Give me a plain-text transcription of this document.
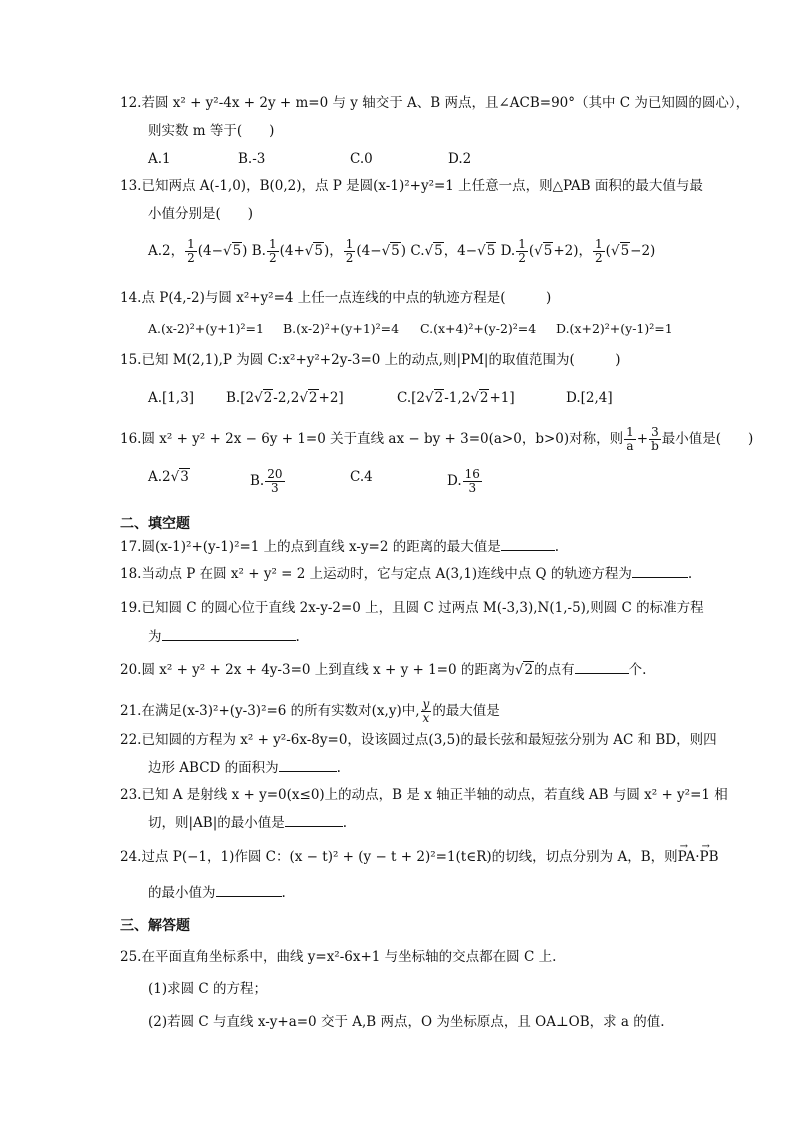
12.若圆 x² + y²-4x + 2y + m=0 与 y 轴交于 A、B 两点，且∠ACB=90°（其中 C 为已知圆的圆心），
则实数 m 等于(　　)
A.1	B.-3	C.0	D.2
13.已知两点 A(-1,0)，B(0,2)，点 P 是圆(x-1)²+y²=1 上任意一点，则△PAB 面积的最大值与最
小值分别是(　　)
A.2， $\frac{1}{2} (4-√5)$ B. $\frac{1}{2} (4+√5)$， $\frac{1}{2} (4-√5)$ C.√5，4−√5 D. $\frac{1}{2} (√5+2)$， $\frac{1}{2} (√5-2)$
14.点 P(4,-2)与圆 x²+y²=4 上任一点连线的中点的轨迹方程是(　　　)
A.(x-2)²+(y+1)²=1 B.(x-2)²+(y+1)²=4 C.(x+4)²+(y-2)²=4 D.(x+2)²+(y-1)²=1
15.已知 M(2,1),P 为圆 C:x²+y²+2y-3=0 上的动点,则|PM|的取值范围为(　　　)
A.[1,3] B.[2√2-2,2√2+2]	C.[2√2-1,2√2+1]	D.[2,4]
16.圆 x² + y² + 2x − 6y + 1=0 关于直线 ax − by + 3=0(a>0，b>0)对称，则 $\frac{1}{a} + \frac{3}{b}$ 最小值是(　　)
A.2√3	B. $\frac{20}{3}$	C.4	D. $\frac{16}{3}$
二、填空题
17.圆(x-1)²+(y-1)²=1 上的点到直线 x-y=2 的距离的最大值是	.
18.当动点 P 在圆 x² + y² = 2 上运动时，它与定点 A(3,1)连线中点 Q 的轨迹方程为	.
19.已知圆 C 的圆心位于直线 2x-y-2=0 上，且圆 C 过两点 M(-3,3),N(1,-5),则圆 C 的标准方程
为	.
20.圆 x² + y² + 2x + 4y-3=0 上到直线 x + y + 1=0 的距离为√2的点有	个.
21.在满足(x-3)²+(y-3)²=6 的所有实数对(x,y)中, $\frac{y}{x}$ 的最大值是
22.已知圆的方程为 x² + y²-6x-8y=0，设该圆过点(3,5)的最长弦和最短弦分别为 AC 和 BD，则四
边形 ABCD 的面积为	.
23.已知 A 是射线 x + y=0(x≤0)上的动点，B 是 x 轴正半轴的动点，若直线 AB 与圆 x² + y²=1 相
切，则|AB|的最小值是	.
24.过点 P(−1，1)作圆 C：(x − t)² + (y − t + 2)²=1(t∈R)的切线，切点分别为 A，B，则→ PA·→ PB
的最小值为	.
三、解答题
25.在平面直角坐标系中，曲线 y=x²-6x+1 与坐标轴的交点都在圆 C 上.
(1)求圆 C 的方程；
(2)若圆 C 与直线 x-y+a=0 交于 A,B 两点，O 为坐标原点，且 OA⊥OB，求 a 的值.
